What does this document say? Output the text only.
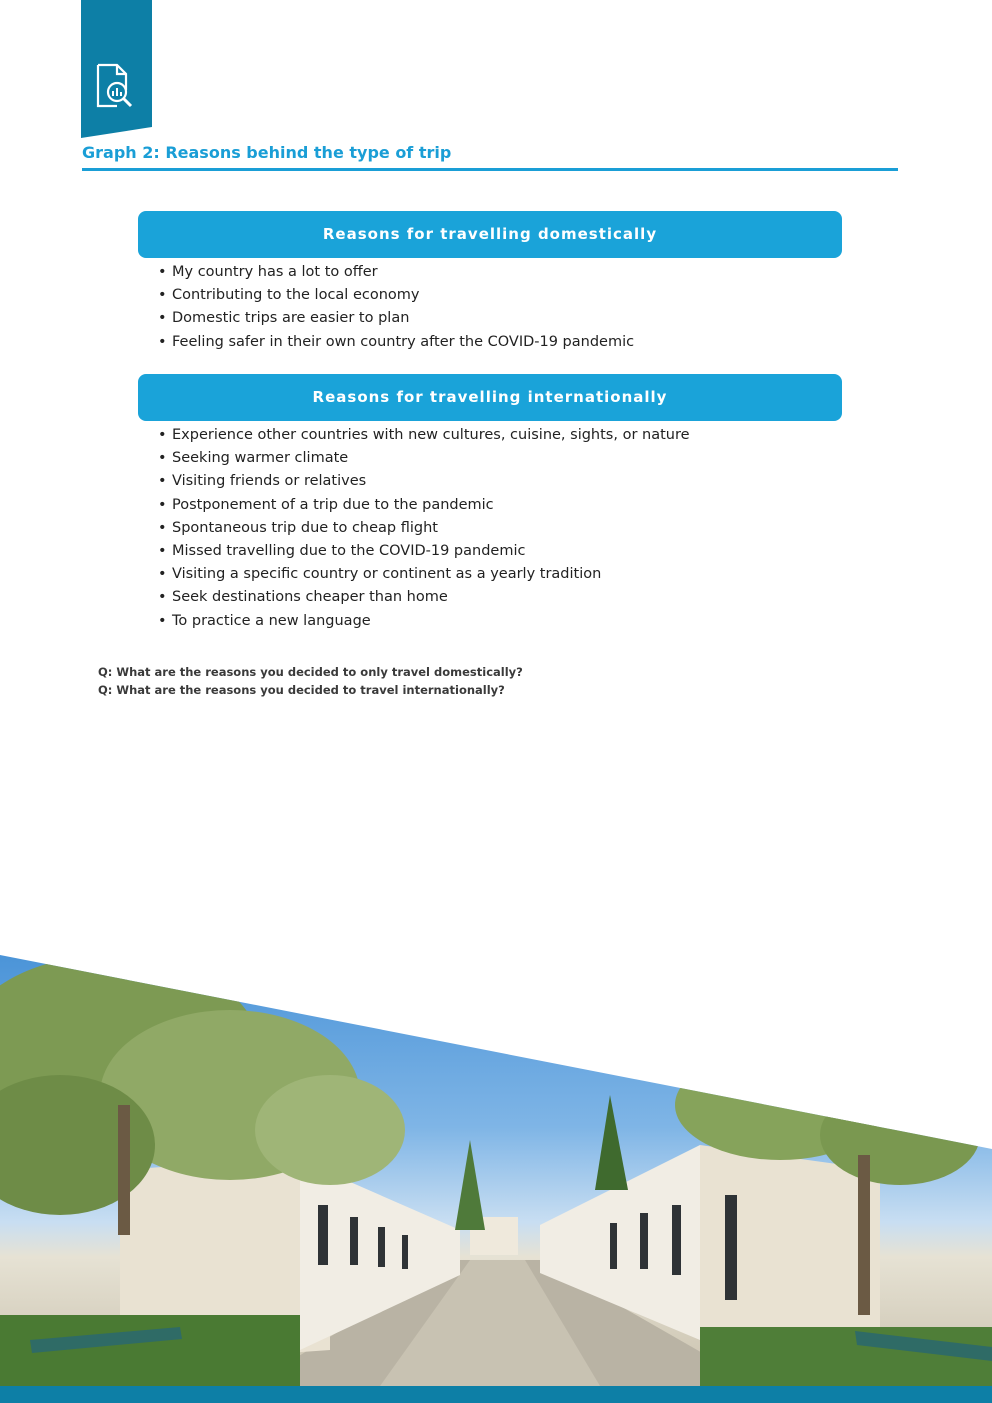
Graph 2: Reasons behind the type of trip
Reasons for travelling domestically
• My country has a lot to offer
• Contributing to the local economy
• Domestic trips are easier to plan
• Feeling safer in their own country after the COVID-19 pandemic
Reasons for travelling internationally
• Experience other countries with new cultures, cuisine, sights, or nature
• Seeking warmer climate
• Visiting friends or relatives
• Postponement of a trip due to the pandemic
• Spontaneous trip due to cheap flight
• Missed travelling due to the COVID-19 pandemic
• Visiting a specific country or continent as a yearly tradition
• Seek destinations cheaper than home
• To practice a new language
Q: What are the reasons you decided to only travel domestically?
Q: What are the reasons you decided to travel internationally?
